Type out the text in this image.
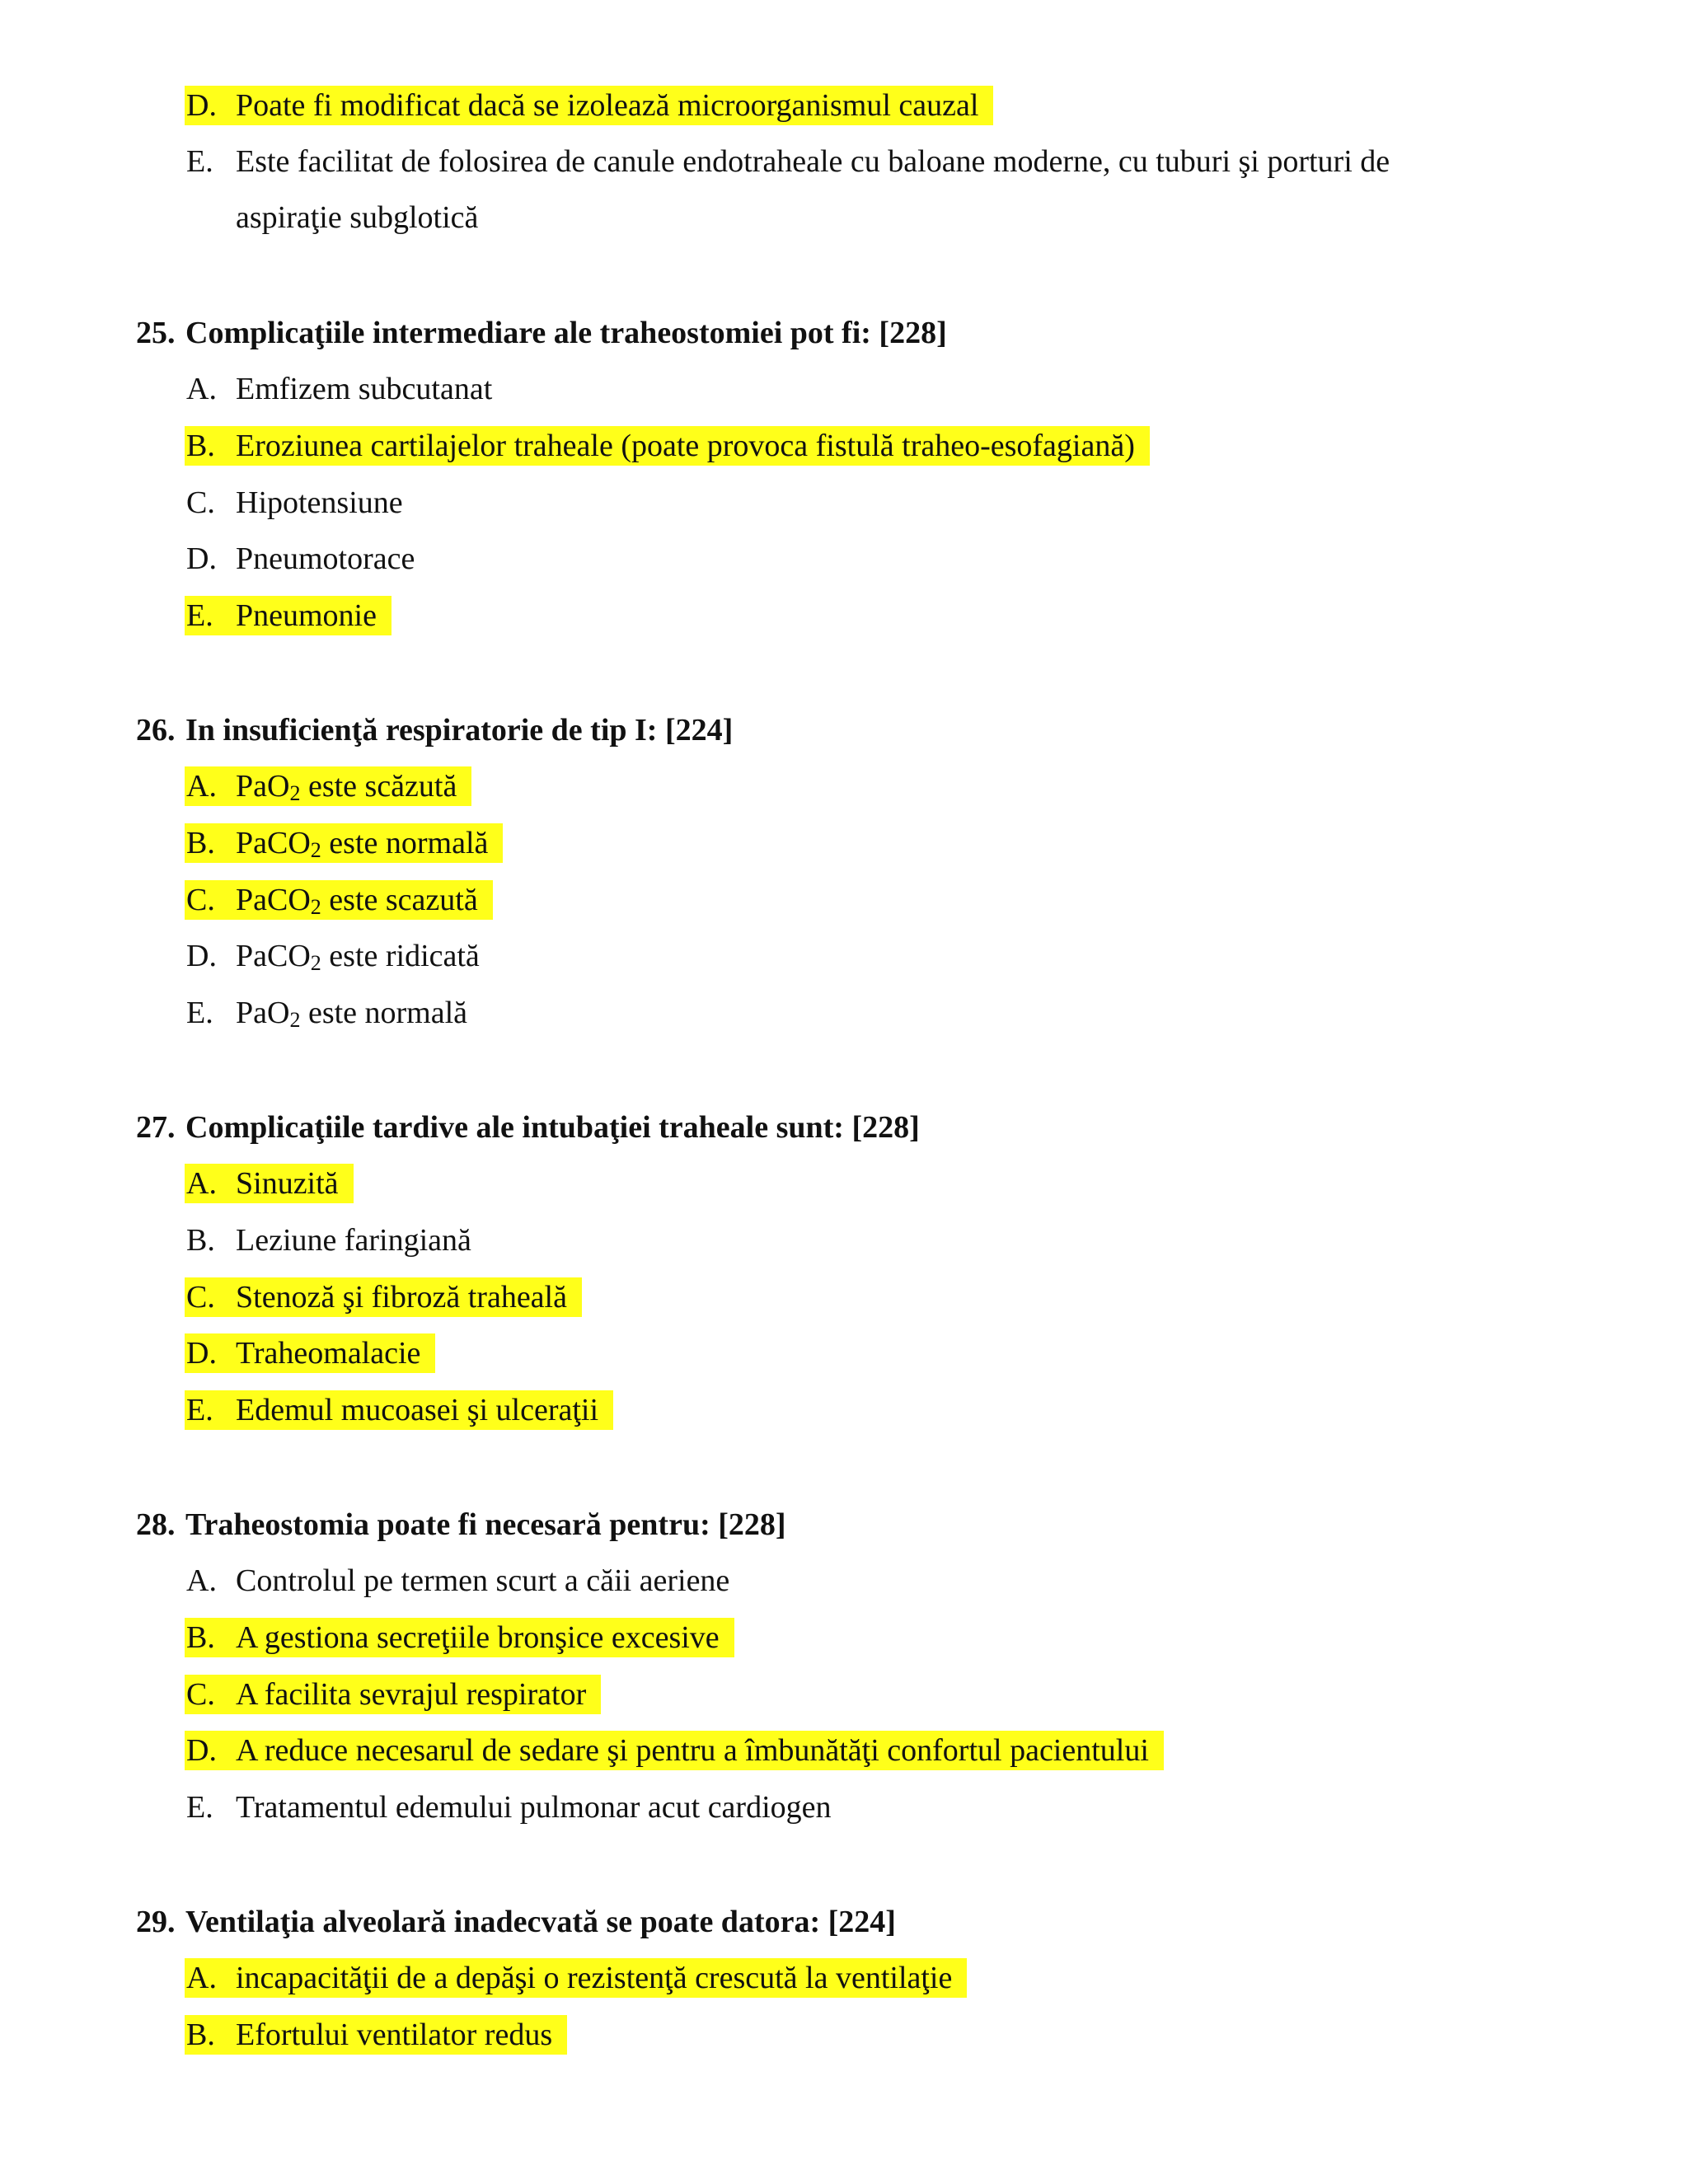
D. Poate fi modificat dacă se izolează microorganismul cauzal
E. Este facilitat de folosirea de canule endotraheale cu baloane moderne, cu tuburi şi porturi de
aspiraţie subglotică
25. Complicaţiile intermediare ale traheostomiei pot fi: [228]
A. Emfizem subcutanat
B. Eroziunea cartilajelor traheale (poate provoca fistulă traheo-esofagiană)
C. Hipotensiune
D. Pneumotorace
E. Pneumonie
26. In insuficienţă respiratorie de tip I: [224]
A. PaO$_2$ este scăzută
B. PaCO$_2$ este normală
C. PaCO$_2$ este scazută
D. PaCO$_2$ este ridicată
E. PaO$_2$ este normală
27. Complicaţiile tardive ale intubaţiei traheale sunt: [228]
A. Sinuzită
B. Leziune faringiană
C. Stenoză şi fibroză traheală
D. Traheomalacie
E. Edemul mucoasei şi ulceraţii
28. Traheostomia poate fi necesară pentru: [228]
A. Controlul pe termen scurt a căii aeriene
B. A gestiona secreţiile bronşice excesive
C. A facilita sevrajul respirator
D. A reduce necesarul de sedare şi pentru a îmbunătăţi confortul pacientului
E. Tratamentul edemului pulmonar acut cardiogen
29. Ventilaţia alveolară inadecvată se poate datora: [224]
A. incapacităţii de a depăşi o rezistenţă crescută la ventilaţie
B. Efortului ventilator redus
